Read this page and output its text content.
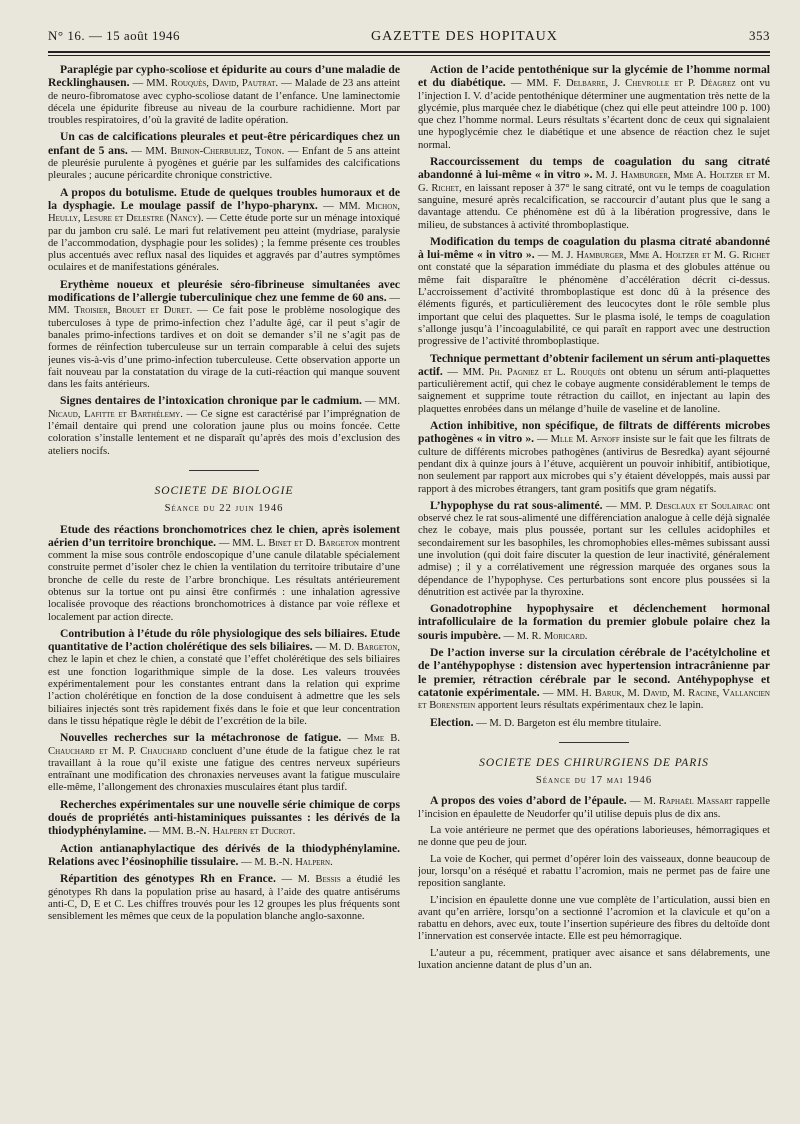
N° 16. — 15 août 1946	GAZETTE DES HOPITAUX	353

Paraplégie par cypho-scoliose et épidurite au cours d’une maladie de Recklinghausen. — MM. Rouquès, David, Pautrat. — Malade de 23 ans atteint de neuro-fibromatose avec cypho-scoliose datant de l’enfance. Une laminectomie décela une épidurite fibreuse au niveau de la courbure rachidienne. Mort par troubles respiratoires, d’où la gravité de ladite opération.

Un cas de calcifications pleurales et peut-être péricardiques chez un enfant de 5 ans. — MM. Brinon-Cherbuliez, Tonon. — Enfant de 5 ans atteint de pleurésie purulente à pyogènes et guérie par les sulfamides des calcifications pleurales ; aucune péricardite chronique constrictive.

A propos du botulisme. Etude de quelques troubles humoraux et de la dysphagie. Le moulage passif de l’hypo-pharynx. — MM. Michon, Heully, Lesure et Delestre (Nancy). — Cette étude porte sur un ménage intoxiqué par du jambon cru salé. Le mari fut relativement peu atteint (mydriase, paralysie de l’accommodation, dysphagie pour les solides) ; la femme présente ces troubles plus accentués avec reflux nasal des liquides et aggravés par d’autres symptômes oculaires et de manifestations générales.

Erythème noueux et pleurésie séro-fibrineuse simultanées avec modifications de l’allergie tuberculinique chez une femme de 60 ans. — MM. Troisier, Brouet et Duret. — Ce fait pose le problème nosologique des tuberculoses à type de primo-infection chez l’adulte âgé, car il peut s’agir de banales primo-infections tardives et on doit se demander s’il ne s’agit pas de formes de réinfection tuberculeuse sur un terrain comparable à celui des sujets jeunes vis-à-vis d’une primo-infection tuberculeuse. Cette observation apporte un fait nouveau par la constatation du virage de la cuti-réaction qui manque souvent dans les faits antérieurs.

Signes dentaires de l’intoxication chronique par le cadmium. — MM. Nicaud, Lafitte et Barthélemy. — Ce signe est caractérisé par l’imprégnation de l’émail dentaire qui prend une coloration jaune plus ou moins foncée. Cette coloration s’installe lentement et ne disparaît qu’après des mois d’exclusion des ateliers nocifs.

SOCIETE DE BIOLOGIE
Séance du 22 juin 1946

Etude des réactions bronchomotrices chez le chien, après isolement aérien d’un territoire bronchique. — MM. L. Binet et D. Bargeton montrent comment la mise sous contrôle endoscopique d’une canule dilatable spécialement construite permet d’isoler chez le chien la ventilation du territoire tributaire d’une bronche de celle du reste de l’arbre bronchique. Les résultats antérieurement obtenus sur la tortue ont pu ainsi être confirmés : une inhalation agressive localisée provoque des réactions bronchomotrices à distance par voie réflexe et localement par action directe.

Contribution à l’étude du rôle physiologique des sels biliaires. Etude quantitative de l’action cholérétique des sels biliaires. — M. D. Bargeton, chez le lapin et chez le chien, a constaté que l’effet cholérétique des sels biliaires est une fonction logarithmique simple de la dose. Les valeurs trouvées expérimentalement pour les constantes entrant dans la relation qui exprime l’action cholérétique en fonction de la dose conduisent à admettre que les sels biliaires injectés sont très rapidement fixés dans le foie et que leur concentration dans le tissu hépatique règle le débit de l’excrétion de la bile.

Nouvelles recherches sur la métachronose de fatigue. — Mme B. Chauchard et M. P. Chauchard concluent d’une étude de la fatigue chez le rat travaillant à la roue qu’il existe une fatigue des centres nerveux supérieurs entraînant une modification des chronaxies nerveuses avant la fatigue musculaire elle-même, l’allongement des chronaxies musculaires étant plus tardif.

Recherches expérimentales sur une nouvelle série chimique de corps doués de propriétés anti-histaminiques puissantes : les dérivés de la thiodyphénylamine. — MM. B.-N. Halpern et Ducrot.

Action antianaphylactique des dérivés de la thiodyphénylamine. Relations avec l’éosinophilie tissulaire. — M. B.-N. Halpern.

Répartition des génotypes Rh en France. — M. Bessis a étudié les génotypes Rh dans la population prise au hasard, à l’aide des quatre antisérums anti-C, D, E et C. Les chiffres trouvés pour les 12 groupes les plus fréquents sont sensiblement les mêmes que ceux de la population blanche anglo-saxonne.

Action de l’acide pentothénique sur la glycémie de l’homme normal et du diabétique. — MM. F. Delbarre, J. Chevrolle et P. Déagrez ont vu l’injection I. V. d’acide pentothénique déterminer une augmentation très nette de la glycémie, plus marquée chez le diabétique (chez qui elle peut atteindre 100 p. 100) que chez l’homme normal. Leurs résultats s’écartent donc de ceux qui signalaient une hypoglycémie chez le diabétique et une absence de réaction chez le sujet normal.

Raccourcissement du temps de coagulation du sang citraté abandonné à lui-même « in vitro ». M. J. Hamburger, Mme A. Holtzer et M. G. Richet, en laissant reposer à 37° le sang citraté, ont vu le temps de coagulation sanguine, mesuré après recalcification, se raccourcir d’autant plus que le sang a davantage attendu. Ce phénomène est dû à la libération progressive, dans le milieu, de substances à activité thromboplastique.

Modification du temps de coagulation du plasma citraté abandonné à lui-même « in vitro ». — M. J. Hamburger, Mme A. Holtzer et M. G. Richet ont constaté que la séparation immédiate du plasma et des globules atténue ou même fait disparaître le phénomène d’accélération décrit ci-dessus. L’accroissement d’activité thromboplastique est donc dû à la présence des éléments figurés, et particulièrement des leucocytes dont le rôle semble plus important que celui des plaquettes. Sur le plasma isolé, le temps de coagulation s’allonge jusqu’à l’incoagulabilité, ce qui paraît en rapport avec une destruction progressive de l’activité thromboplastique.

Technique permettant d’obtenir facilement un sérum anti-plaquettes actif. — MM. Ph. Pagniez et L. Rouquès ont obtenu un sérum anti-plaquettes particulièrement actif, qui chez le cobaye augmente considérablement le temps de saignement et supprime toute rétraction du caillot, en injectant au lapin des plaquettes enrobées dans un mélange d’huile de vaseline et de lanoline.

Action inhibitive, non spécifique, de filtrats de différents microbes pathogènes « in vitro ». — Mlle M. Afnoff insiste sur le fait que les filtrats de culture de différents microbes pathogènes (antivirus de Besredka) ayant séjourné pendant dix à quinze jours à l’étuve, acquièrent un pouvoir inhibitif, antibiotique, non seulement par rapport aux microbes qui s’y étaient développés, mais aussi par rapport à des microbes étrangers, tant gram positifs que gram négatifs.

L’hypophyse du rat sous-alimenté. — MM. P. Desclaux et Soulairac ont observé chez le rat sous-alimenté une différenciation analogue à celle déjà signalée chez le cobaye, mais plus poussée, portant sur les cellules acidophiles et secondairement sur les basophiles, les chromophobies elles-mêmes subissant aussi une involution (qui doit faire discuter la question de leur inactivité, généralement admise) ; il y a corrélativement une régression marquée des organes sous la dépendance de l’hypophyse. Ces perturbations sont encore plus poussées si la dénutrition est activée par la thyroxine.

Gonadotrophine hypophysaire et déclenchement hormonal intrafolliculaire de la formation du premier globule polaire chez la souris impubère. — M. R. Moricard.

De l’action inverse sur la circulation cérébrale de l’acétylcholine et de l’antéhypophyse : distension avec hypertension intracrânienne par le premier, rétraction cérébrale par le second. Antéhypophyse et catatonie expérimentale. — MM. H. Baruk, M. David, M. Racine, Vallancien et Borenstein apportent leurs résultats expérimentaux chez le lapin.

Election. — M. D. Bargeton est élu membre titulaire.

SOCIETE DES CHIRURGIENS DE PARIS
Séance du 17 mai 1946

A propos des voies d’abord de l’épaule. — M. Raphaël Massart rappelle l’incision en épaulette de Neudorfer qu’il utilise depuis plus de dix ans.

La voie antérieure ne permet que des opérations laborieuses, hémorragiques et ne donne que peu de jour.

La voie de Kocher, qui permet d’opérer loin des vaisseaux, donne beaucoup de jour, lorsqu’on a réséqué et rabattu l’acromion, mais ne permet pas de faire une reposition sanglante.

L’incision en épaulette donne une vue complète de l’articulation, aussi bien en avant qu’en arrière, lorsqu’on a sectionné l’acromion et la clavicule et qu’on a rabattu en dehors, avec eux, toute l’insertion supérieure des fibres du deltoïde dont l’innervation est conservée intacte. Elle est peu hémorragique.

L’auteur a pu, récemment, pratiquer avec aisance et sans délabrements, une luxation ancienne datant de plus d’un an.
